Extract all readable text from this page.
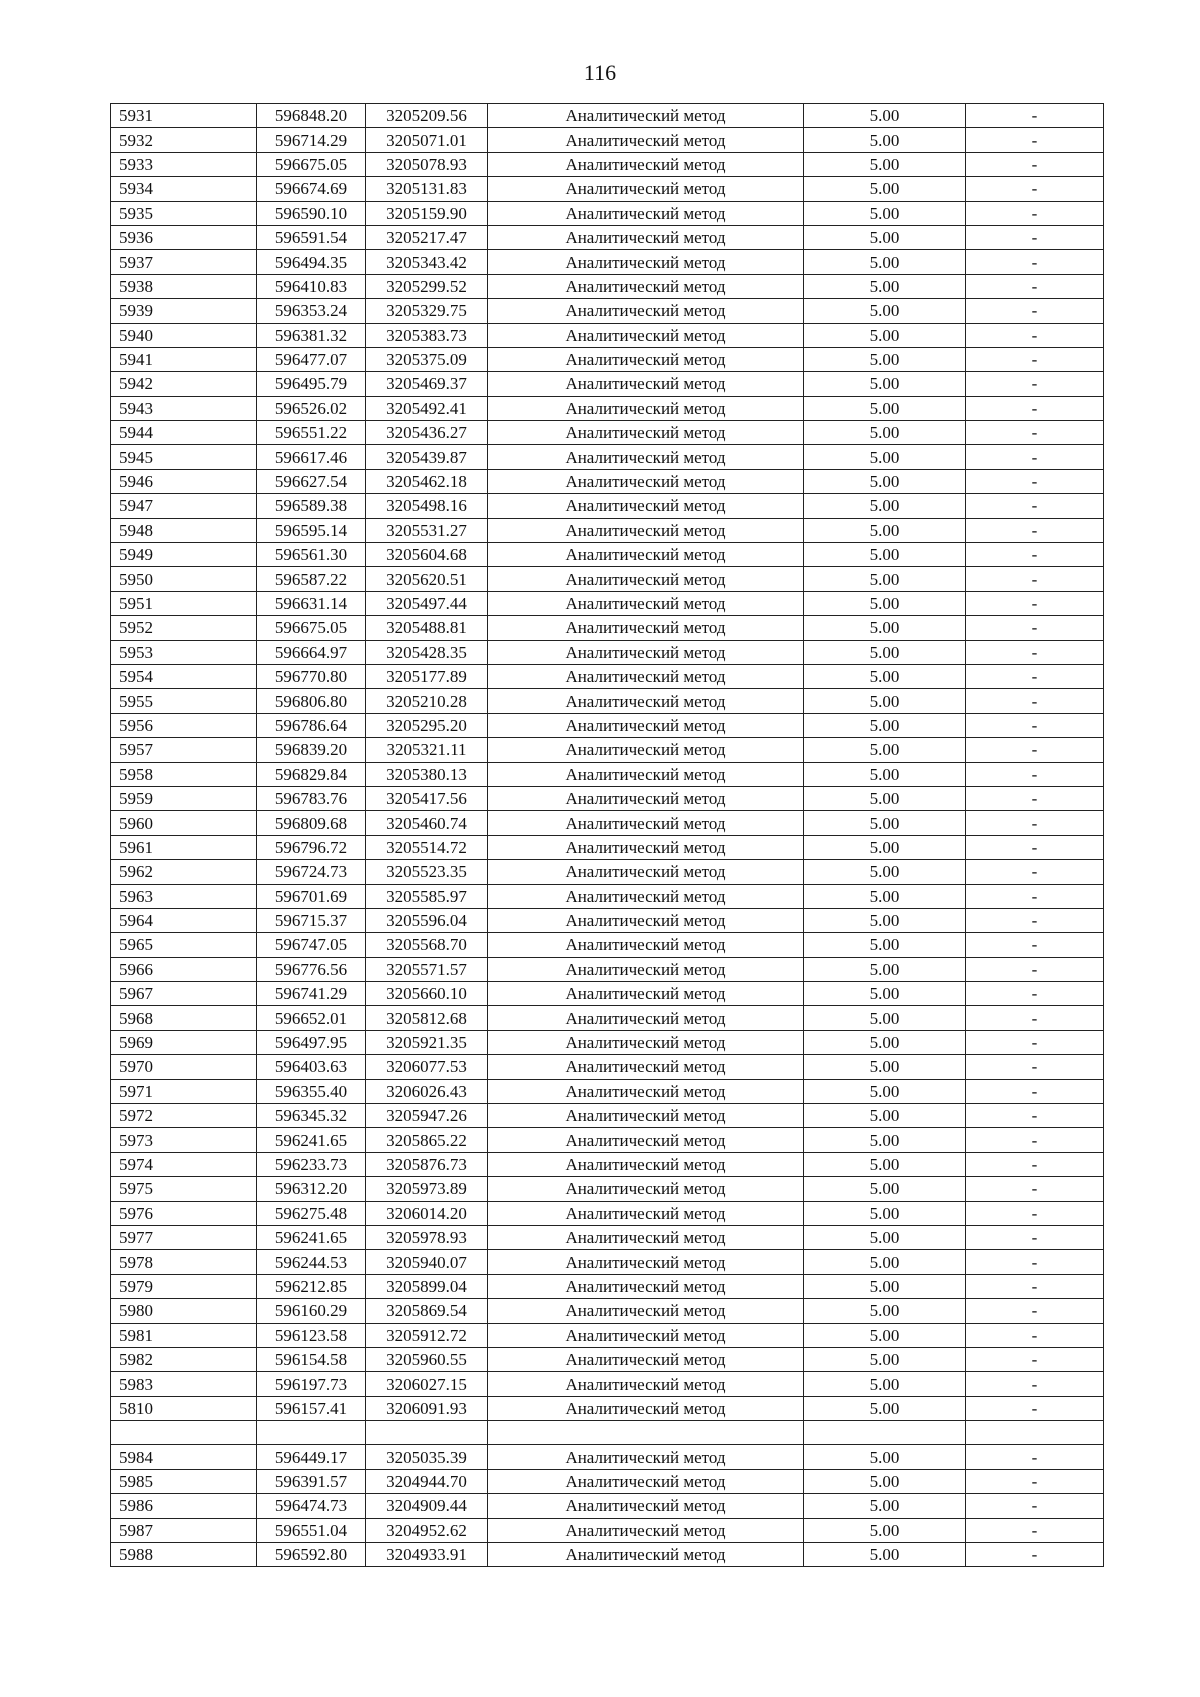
116
5931	596848.20	3205209.56	Аналитический метод	5.00	-
5932	596714.29	3205071.01	Аналитический метод	5.00	-
5933	596675.05	3205078.93	Аналитический метод	5.00	-
5934	596674.69	3205131.83	Аналитический метод	5.00	-
5935	596590.10	3205159.90	Аналитический метод	5.00	-
5936	596591.54	3205217.47	Аналитический метод	5.00	-
5937	596494.35	3205343.42	Аналитический метод	5.00	-
5938	596410.83	3205299.52	Аналитический метод	5.00	-
5939	596353.24	3205329.75	Аналитический метод	5.00	-
5940	596381.32	3205383.73	Аналитический метод	5.00	-
5941	596477.07	3205375.09	Аналитический метод	5.00	-
5942	596495.79	3205469.37	Аналитический метод	5.00	-
5943	596526.02	3205492.41	Аналитический метод	5.00	-
5944	596551.22	3205436.27	Аналитический метод	5.00	-
5945	596617.46	3205439.87	Аналитический метод	5.00	-
5946	596627.54	3205462.18	Аналитический метод	5.00	-
5947	596589.38	3205498.16	Аналитический метод	5.00	-
5948	596595.14	3205531.27	Аналитический метод	5.00	-
5949	596561.30	3205604.68	Аналитический метод	5.00	-
5950	596587.22	3205620.51	Аналитический метод	5.00	-
5951	596631.14	3205497.44	Аналитический метод	5.00	-
5952	596675.05	3205488.81	Аналитический метод	5.00	-
5953	596664.97	3205428.35	Аналитический метод	5.00	-
5954	596770.80	3205177.89	Аналитический метод	5.00	-
5955	596806.80	3205210.28	Аналитический метод	5.00	-
5956	596786.64	3205295.20	Аналитический метод	5.00	-
5957	596839.20	3205321.11	Аналитический метод	5.00	-
5958	596829.84	3205380.13	Аналитический метод	5.00	-
5959	596783.76	3205417.56	Аналитический метод	5.00	-
5960	596809.68	3205460.74	Аналитический метод	5.00	-
5961	596796.72	3205514.72	Аналитический метод	5.00	-
5962	596724.73	3205523.35	Аналитический метод	5.00	-
5963	596701.69	3205585.97	Аналитический метод	5.00	-
5964	596715.37	3205596.04	Аналитический метод	5.00	-
5965	596747.05	3205568.70	Аналитический метод	5.00	-
5966	596776.56	3205571.57	Аналитический метод	5.00	-
5967	596741.29	3205660.10	Аналитический метод	5.00	-
5968	596652.01	3205812.68	Аналитический метод	5.00	-
5969	596497.95	3205921.35	Аналитический метод	5.00	-
5970	596403.63	3206077.53	Аналитический метод	5.00	-
5971	596355.40	3206026.43	Аналитический метод	5.00	-
5972	596345.32	3205947.26	Аналитический метод	5.00	-
5973	596241.65	3205865.22	Аналитический метод	5.00	-
5974	596233.73	3205876.73	Аналитический метод	5.00	-
5975	596312.20	3205973.89	Аналитический метод	5.00	-
5976	596275.48	3206014.20	Аналитический метод	5.00	-
5977	596241.65	3205978.93	Аналитический метод	5.00	-
5978	596244.53	3205940.07	Аналитический метод	5.00	-
5979	596212.85	3205899.04	Аналитический метод	5.00	-
5980	596160.29	3205869.54	Аналитический метод	5.00	-
5981	596123.58	3205912.72	Аналитический метод	5.00	-
5982	596154.58	3205960.55	Аналитический метод	5.00	-
5983	596197.73	3206027.15	Аналитический метод	5.00	-
5810	596157.41	3206091.93	Аналитический метод	5.00	-

5984	596449.17	3205035.39	Аналитический метод	5.00	-
5985	596391.57	3204944.70	Аналитический метод	5.00	-
5986	596474.73	3204909.44	Аналитический метод	5.00	-
5987	596551.04	3204952.62	Аналитический метод	5.00	-
5988	596592.80	3204933.91	Аналитический метод	5.00	-
